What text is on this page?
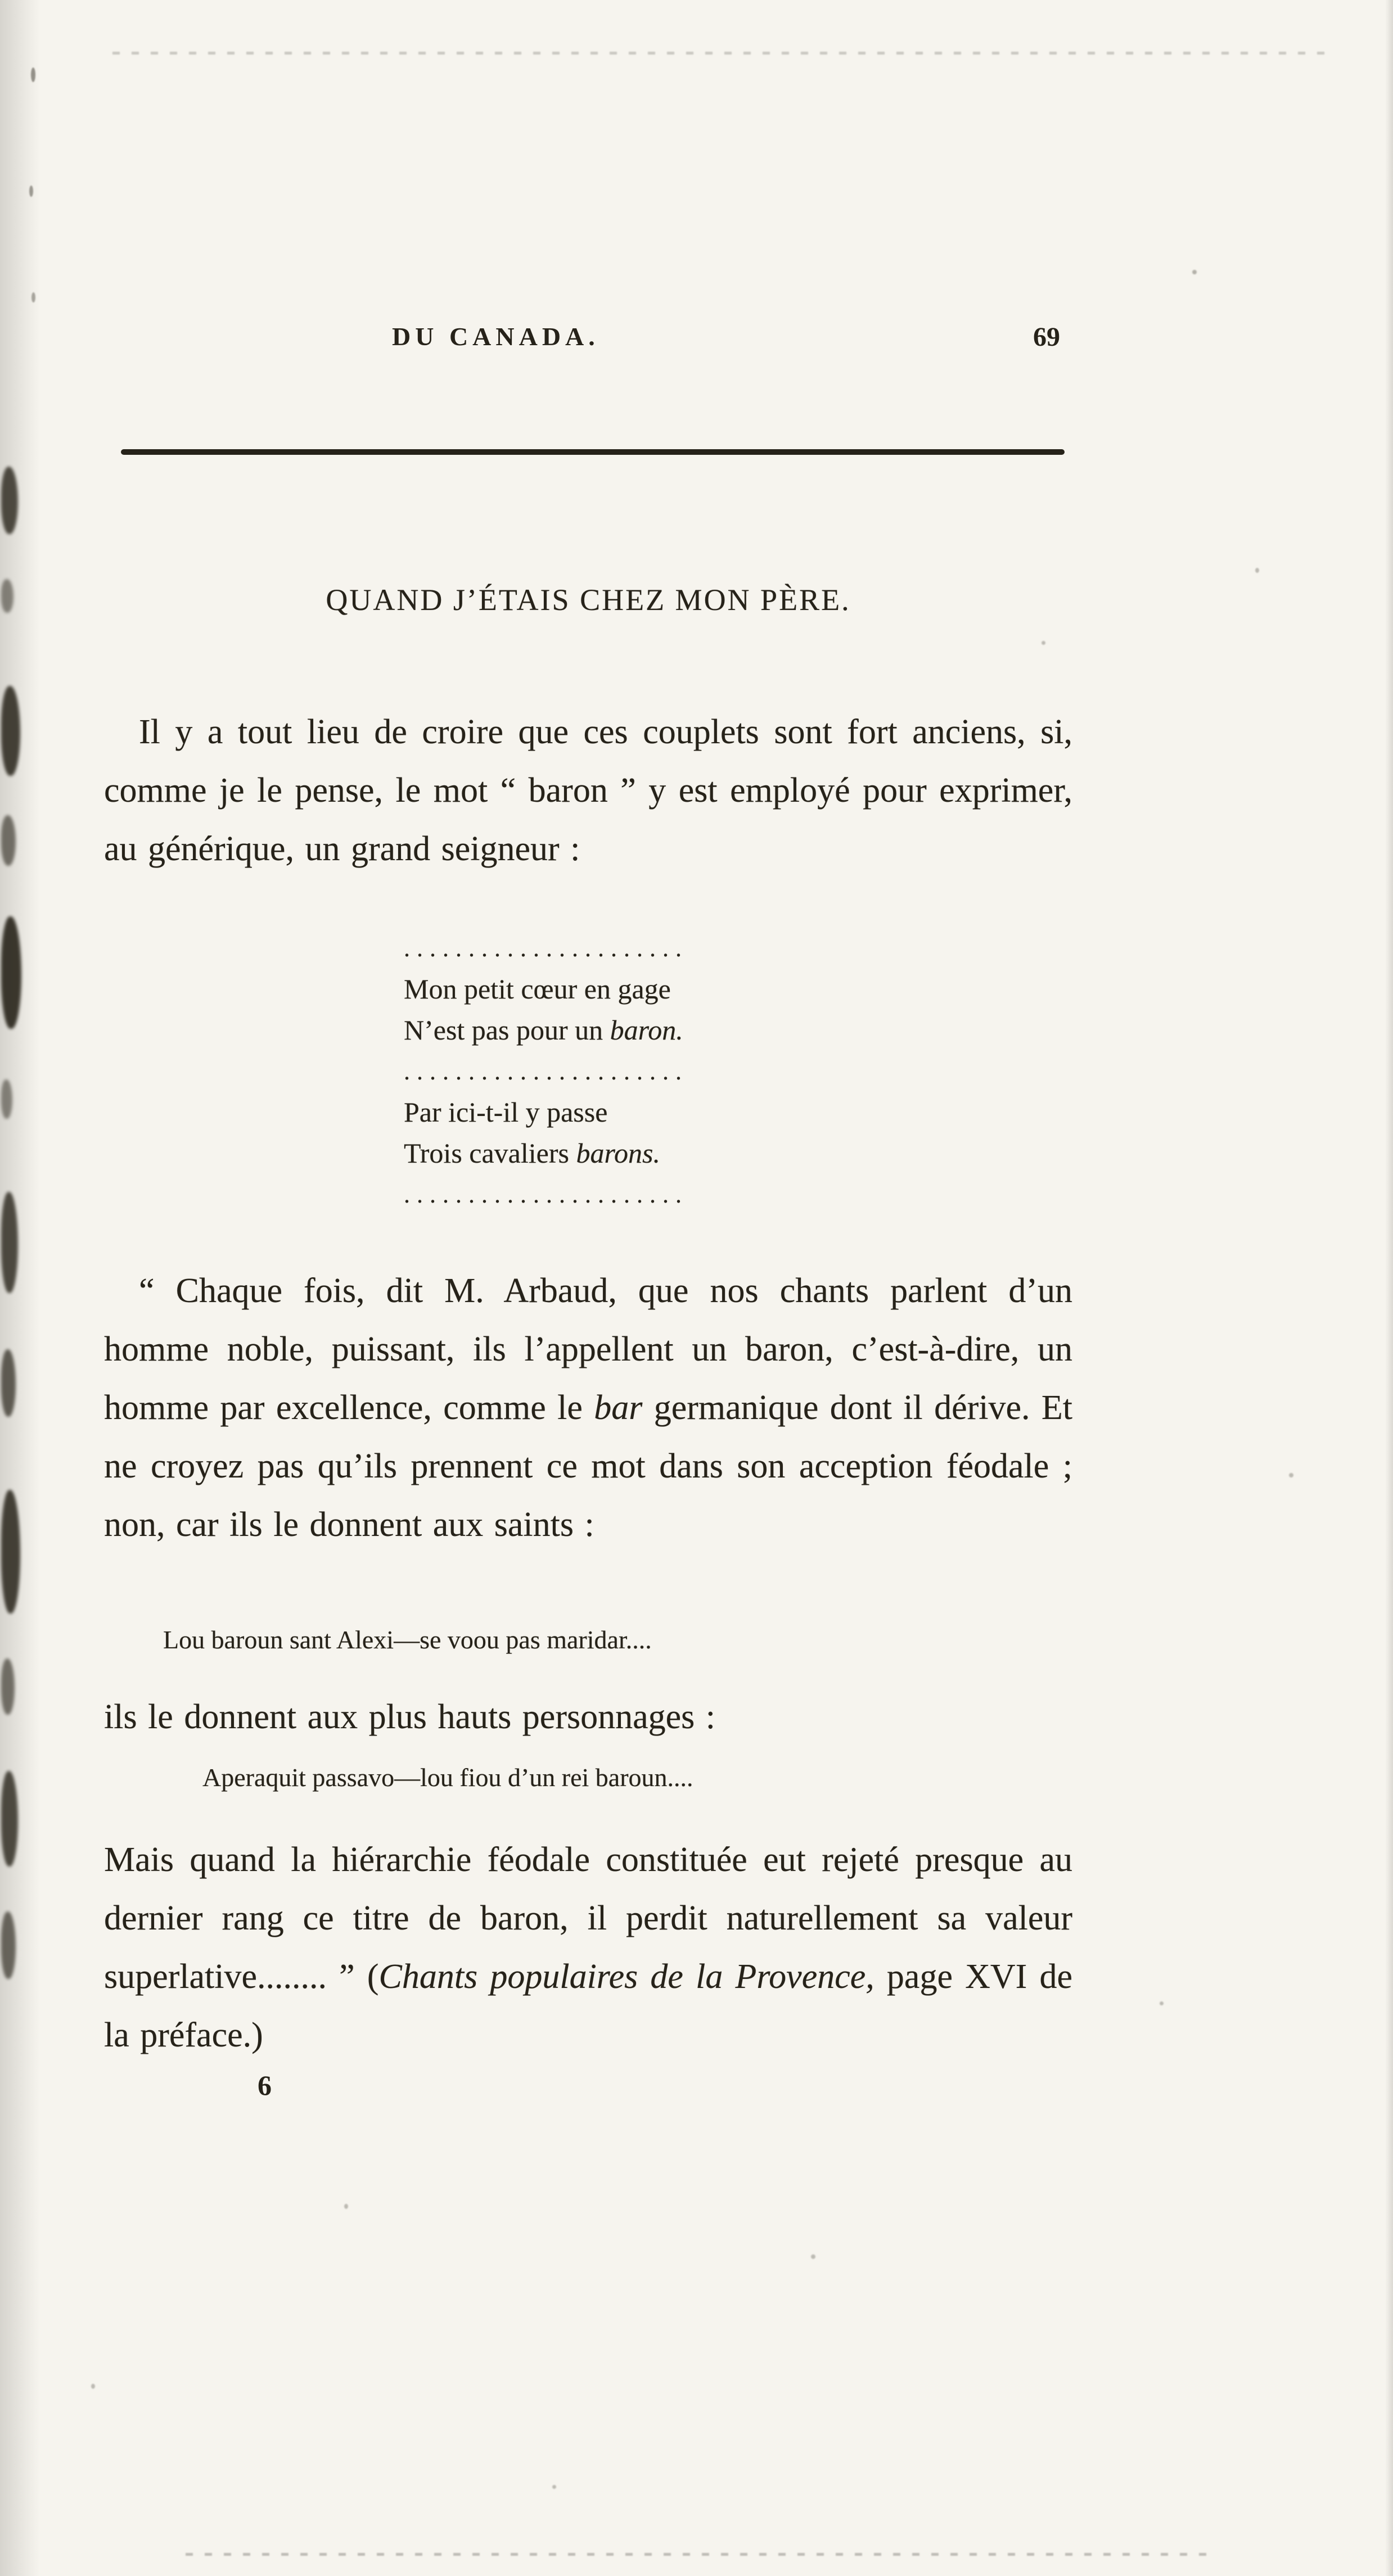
DU CANADA.	69
QUAND J’ÉTAIS CHEZ MON PÈRE.

Il y a tout lieu de croire que ces couplets sont fort anciens, si, comme je le pense, le mot “ baron ” y est employé pour exprimer, au générique, un grand seigneur :

......................
Mon petit cœur en gage
N’est pas pour un baron.
......................
Par ici-t-il y passe
Trois cavaliers barons.
......................

“ Chaque fois, dit M. Arbaud, que nos chants parlent d’un homme noble, puissant, ils l’appellent un baron, c’est-à-dire, un homme par excellence, comme le bar germanique dont il dérive. Et ne croyez pas qu’ils prennent ce mot dans son acception féodale ; non, car ils le donnent aux saints :

Lou baroun sant Alexi—se voou pas maridar....

ils le donnent aux plus hauts personnages :

Aperaquit passavo—lou fiou d’un rei baroun....

Mais quand la hiérarchie féodale constituée eut rejeté presque au dernier rang ce titre de baron, il perdit naturellement sa valeur superlative........ ” (Chants populaires de la Provence, page XVI de la préface.)

6
